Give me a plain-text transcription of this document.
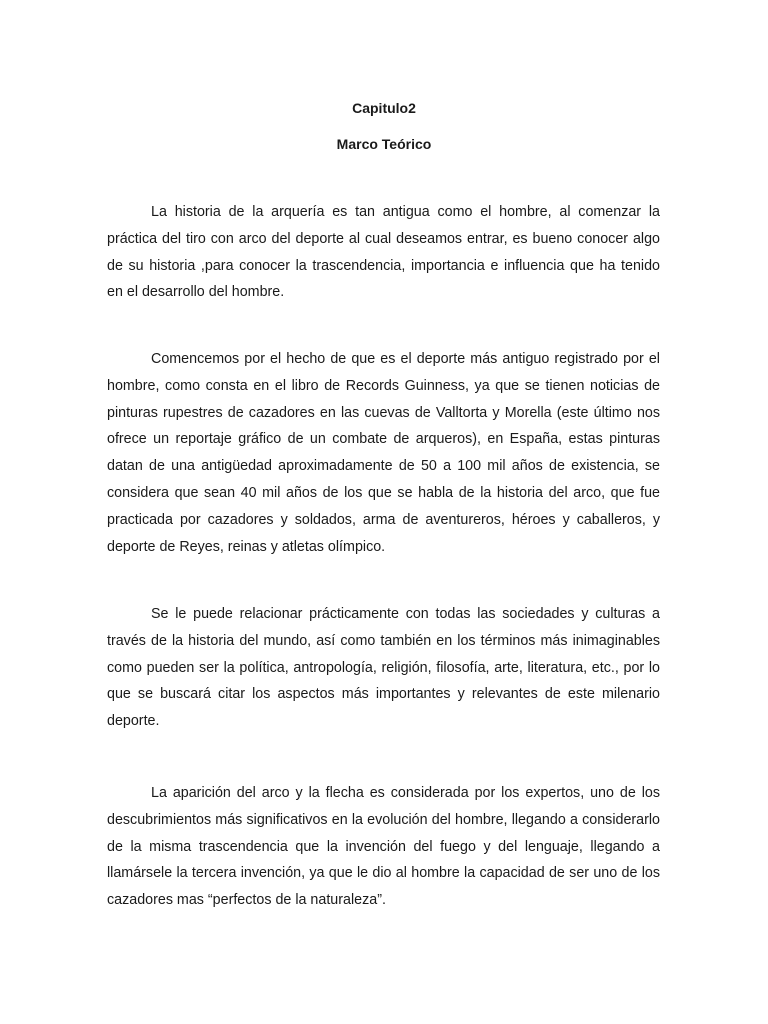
Capitulo2
Marco Teórico

La historia de la arquería es tan antigua como el hombre, al comenzar la práctica del tiro con arco del deporte al cual deseamos entrar, es bueno conocer algo de su historia ,para conocer la trascendencia, importancia e influencia que ha tenido en el desarrollo del hombre.

Comencemos por el hecho de que es el deporte más antiguo registrado por el hombre, como consta en el libro de Records Guinness, ya que se tienen noticias de pinturas rupestres de cazadores en las cuevas de Valltorta y Morella (este último nos ofrece un reportaje gráfico de un combate de arqueros), en España, estas pinturas datan de una antigüedad aproximadamente de 50 a 100 mil años de existencia, se considera que sean 40 mil años de los que se habla de la historia del arco, que fue practicada por cazadores y soldados, arma de aventureros, héroes y caballeros, y  deporte de Reyes, reinas y atletas olímpico.

Se le puede relacionar prácticamente con todas las sociedades y culturas a través de la historia del mundo, así como también en los términos más inimaginables como pueden ser la política, antropología, religión, filosofía, arte, literatura, etc., por lo que se buscará citar los aspectos más importantes y relevantes de este milenario deporte.

La aparición del arco y la flecha es considerada por los expertos, uno de los descubrimientos más significativos en la evolución del hombre, llegando a considerarlo de la misma trascendencia que la invención del fuego y del lenguaje, llegando a llamársele la tercera invención, ya que le dio al hombre la capacidad de ser uno de los cazadores mas “perfectos de la naturaleza”.
